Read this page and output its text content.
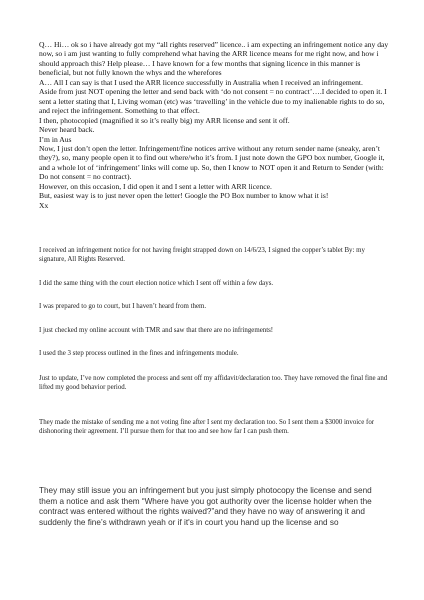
Q… Hi… ok so i have already got my “all rights reserved” licence.. i am expecting an infringement notice any day now, so i am just wanting to fully comprehend what having the ARR licence means for me right now, and how i should approach this? Help please… I have known for a few months that signing licence in this manner is beneficial, but not fully known the whys and the wherefores

A… All I can say is that I used the ARR licence successfully in Australia when I received an infringement.

Aside from just NOT opening the letter and send back with ‘do not consent = no contract’….I decided to open it. I sent a letter stating that I, Living woman (etc) was ‘travelling’ in the vehicle due to my inalienable rights to do so, and reject the infringement. Something to that effect.

I then, photocopied (magnified it so it’s really big) my ARR license and sent it off.

Never heard back.

I’m in Aus

Now, I just don’t open the letter. Infringement/fine notices arrive without any return sender name (sneaky, aren’t they?), so, many people open it to find out where/who it’s from. I just note down the GPO box number, Google it, and a whole lot of ‘infringement’ links will come up. So, then I know to NOT open it and Return to Sender (with: Do not consent = no contract).

However, on this occasion, I did open it and I sent a letter with ARR licence.

But, easiest way is to just never open the letter! Google the PO Box number to know what it is!

Xx

I received an infringement notice for not having freight strapped down on 14/6/23, I signed the copper’s tablet By: my signature, All Rights Reserved.

I did the same thing with the court election notice which I sent off within a few days.

I was prepared to go to court, but I haven’t heard from them.

I just checked my online account with TMR and saw that there are no infringements!

I used the 3 step process outlined in the fines and infringements module.

Just to update, I’ve now completed the process and sent off my affidavit/declaration too. They have removed the final fine and lifted my good behavior period.

They made the mistake of sending me a not voting fine after I sent my declaration too. So I sent them a $3000 invoice for dishonoring their agreement. I’ll pursue them for that too and see how far I can push them.

They may still issue you an infringement but you just simply photocopy the license and send them a notice and ask them “Where have you got authority over the license holder when the contract was entered without the rights waived?”and they have no way of answering it and suddenly the fine’s withdrawn yeah or if it's in court you hand up the license and so
